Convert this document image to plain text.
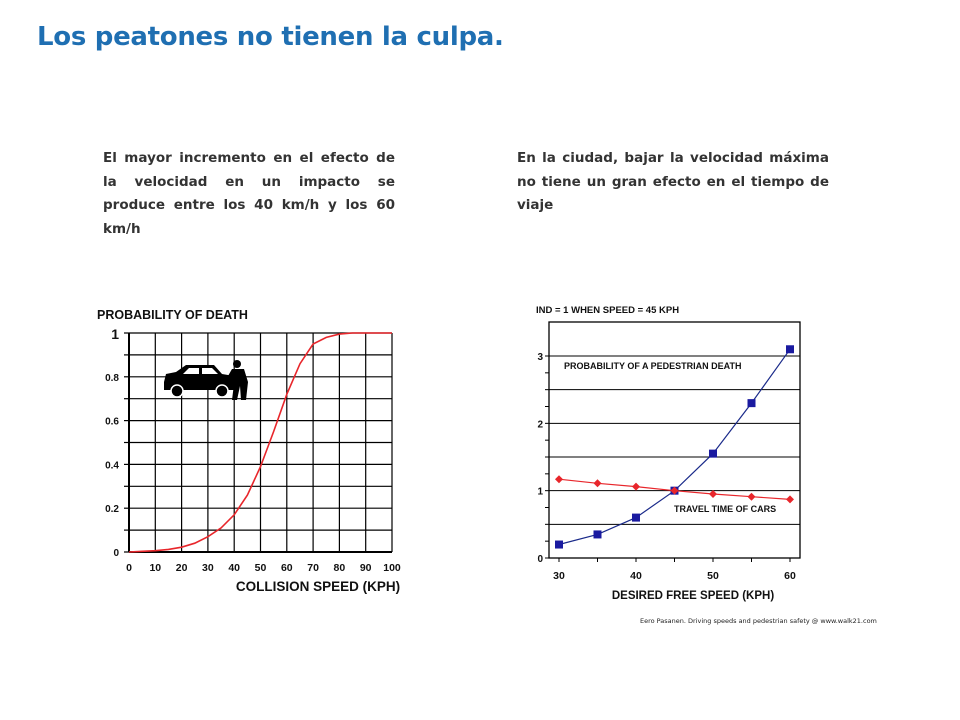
Los peatones no tienen la culpa.
El mayor incremento en el efecto de la velocidad en un impacto se produce entre los 40 km/h y los 60 km/h
En la ciudad, bajar la velocidad máxima no tiene un gran efecto en el tiempo de viaje
PROBABILITY OF DEATH
0
0.2
0.4
0.6
0.8
1
0 10 20 30 40 50 60 70 80 90 100
COLLISION SPEED (KPH)
IND = 1 WHEN SPEED = 45 KPH
0
1
2
3
30	40	50	60
DESIRED FREE SPEED (KPH)
PROBABILITY OF A PEDESTRIAN DEATH
TRAVEL TIME OF CARS
Eero Pasanen. Driving speeds and pedestrian safety @ www.walk21.com
